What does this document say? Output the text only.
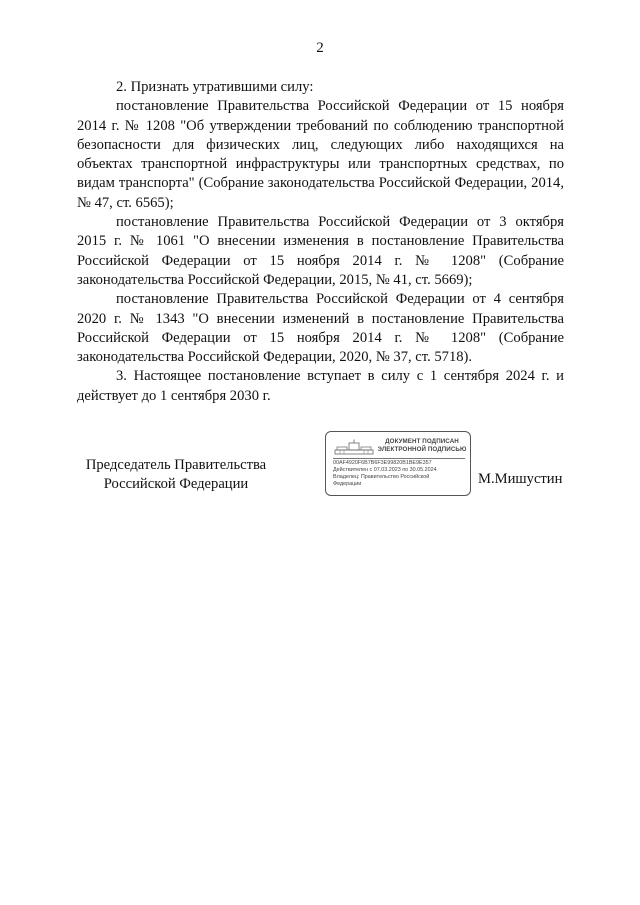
2

2. Признать утратившими силу:

постановление Правительства Российской Федерации от 15 ноября 2014 г. № 1208 "Об утверждении требований по соблюдению транспортной безопасности для физических лиц, следующих либо находящихся на объектах транспортной инфраструктуры или транспортных средствах, по видам транспорта" (Собрание законодательства Российской Федерации, 2014, № 47, ст. 6565);

постановление Правительства Российской Федерации от 3 октября 2015 г. № 1061 "О внесении изменения в постановление Правительства Российской Федерации от 15 ноября 2014 г. № 1208" (Собрание законодательства Российской Федерации, 2015, № 41, ст. 5669);

постановление Правительства Российской Федерации от 4 сентября 2020 г. № 1343 "О внесении изменений в постановление Правительства Российской Федерации от 15 ноября 2014 г. № 1208" (Собрание законодательства Российской Федерации, 2020, № 37, ст. 5718).

3. Настоящее постановление вступает в силу с 1 сентября 2024 г. и действует до 1 сентября 2030 г.

Председатель Правительства
Российской Федерации
ДОКУМЕНТ ПОДПИСАН
ЭЛЕКТРОННОЙ ПОДПИСЬЮ
00AF4920F6B7B6F3E99820B1BE9E357
Действителен с 07.03.2023 по 30.05.2024
Владелец: Правительство Российской
Федерации	М.Мишустин
